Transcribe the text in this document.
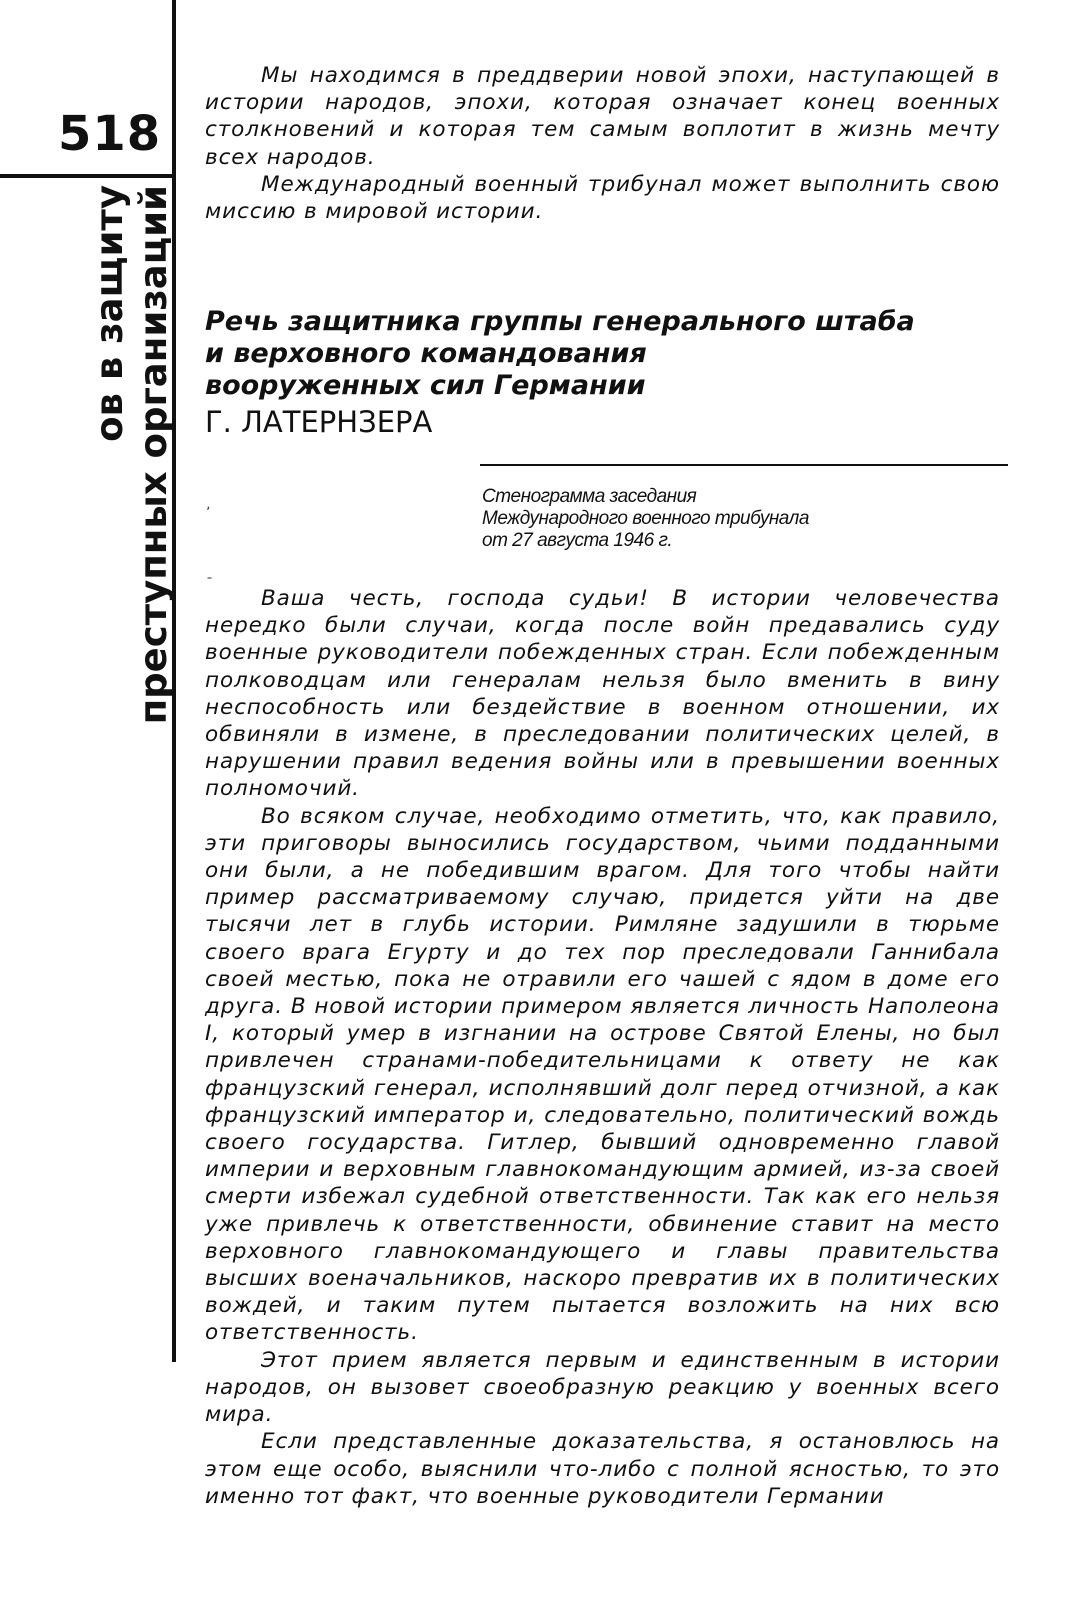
518
ов в защиту преступных организаций

Мы находимся в преддверии новой эпохи, наступающей в истории народов, эпохи, которая означает конец военных столкновений и которая тем самым воплотит в жизнь мечту всех народов.

Международный военный трибунал может выполнить свою миссию в мировой истории.

Речь защитника группы генерального штаба
и верховного командования
вооруженных сил Германии
Г. ЛАТЕРНЗЕРА
Стенограмма заседания
Международного военного трибунала
от 27 августа 1946 г.
ʼ
ˉ

Ваша честь, господа судьи! В истории человечества нередко были случаи, когда после войн предавались суду военные руководители побежденных стран. Если побежденным полководцам или генералам нельзя было вменить в вину неспособность или бездействие в военном отношении, их обвиняли в измене, в преследовании политических целей, в нарушении правил ведения войны или в превышении военных полномочий.

Во всяком случае, необходимо отметить, что, как правило, эти приговоры выносились государством, чьими подданными они были, а не победившим врагом. Для того чтобы найти пример рассматриваемому случаю, придется уйти на две тысячи лет в глубь истории. Римляне задушили в тюрьме своего врага Егурту и до тех пор преследовали Ганнибала своей местью, пока не отравили его чашей с ядом в доме его друга. В новой истории примером является личность Наполеона I, который умер в изгнании на острове Святой Елены, но был привлечен странами-победительницами к ответу не как французский генерал, исполнявший долг перед отчизной, а как французский император и, следовательно, политический вождь своего государства. Гитлер, бывший одновременно главой империи и верховным главнокомандующим армией, из-за своей смерти избежал судебной ответственности. Так как его нельзя уже привлечь к ответственности, обвинение ставит на место верховного главнокомандующего и главы правительства высших военачальников, наскоро превратив их в политических вождей, и таким путем пытается возложить на них всю ответственность.

Этот прием является первым и единственным в истории народов, он вызовет своеобразную реакцию у военных всего мира.

Если представленные доказательства, я остановлюсь на этом еще особо, выяснили что-либо с полной ясностью, то это именно тот факт, что военные руководители Германии
